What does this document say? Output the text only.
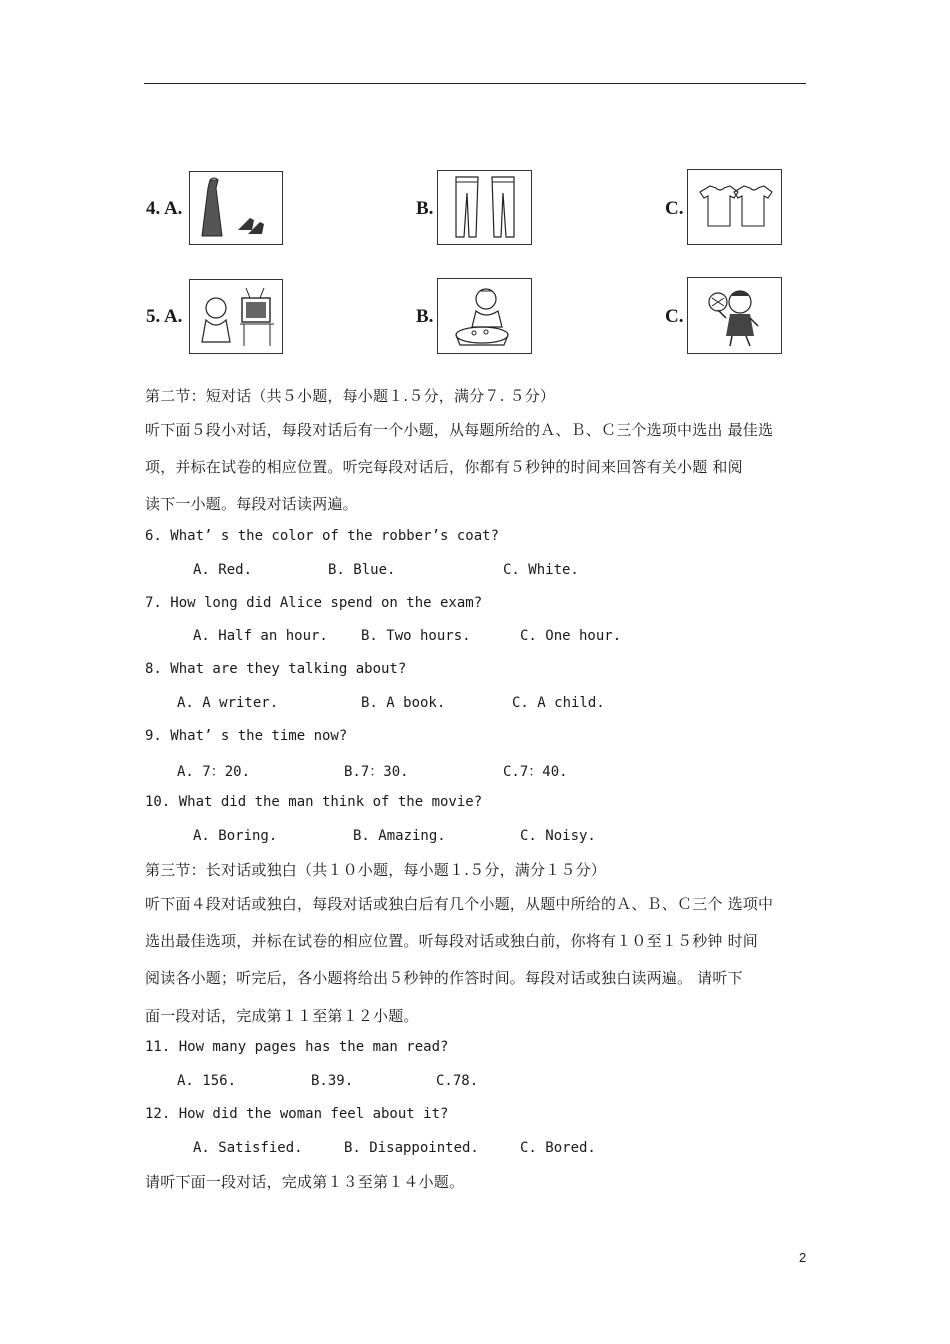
4. A.	B.	C.
5. A.	B.	C.
第二节：短对话（共５小题，每小题１.５分，满分７. ５分）
听下面５段小对话，每段对话后有一个小题，从每题所给的Ａ、Ｂ、Ｃ三个选项中选出 最佳选
项，并标在试卷的相应位置。听完每段对话后，你都有５秒钟的时间来回答有关小题 和阅
读下一小题。每段对话读两遍。
6. What’ s the color of the robber’s coat?
A. Red.	B. Blue.	C. White.
7. How long did Alice spend on the exam?
A. Half an hour. B. Two hours.	C. One hour.
8. What are they talking about?
A. A writer.	B. A book.	C. A child.
9. What’ s the time now?
A. 7：20.	B.7：30.	C.7：40.
10. What did the man think of the movie?
A. Boring.	B. Amazing.	C. Noisy.
第三节：长对话或独白（共１０小题，每小题１.５分，满分１５分）
听下面４段对话或独白，每段对话或独白后有几个小题，从题中所给的Ａ、Ｂ、Ｃ三个 选项中
选出最佳选项，并标在试卷的相应位置。听每段对话或独白前，你将有１０至１５秒钟 时间
阅读各小题；听完后，各小题将给出５秒钟的作答时间。每段对话或独白读两遍。 请听下
面一段对话，完成第１１至第１２小题。
11. How many pages has the man read?
A. 156.	B.39.	C.78.
12. How did the woman feel about it?
A. Satisfied.	B. Disappointed.	C. Bored.
请听下面一段对话，完成第１３至第１４小题。
2
